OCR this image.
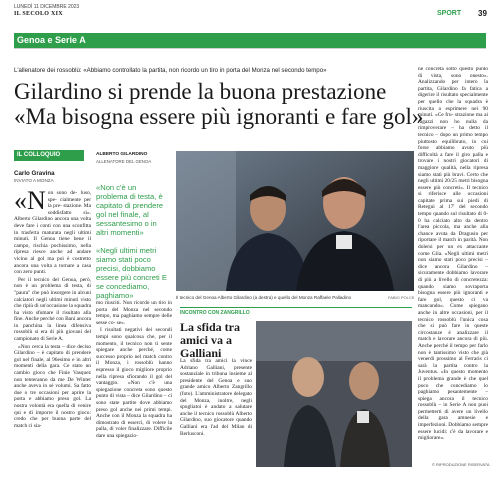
LUNEDÌ 11 DICEMBRE 2023
IL SECOLO XIX	SPORT 39
Genoa e Serie A
L'allenatore dei rossoblù: «Abbiamo controllato la partita, non ricordo un tiro in porta del Monza nel secondo tempo»
Gilardino si prende la buona prestazione
«Ma bisogna essere più ignoranti e fare gol»
IL COLLOQUIO
Carlo Gravina
INVIATO A MONZA

«Non sono de- luso, spe- cialmente per la pre- stazione. Ma soddisfatto sì». Alberto Gilardino ancora una volta deve fare i conti con una sconfitta in trasferta maturata negli ultimi minuti. Il Genoa tiene bene il campo, rischia pochissimo, nella ripresa riesce anche ad andare vicino al gol ma poi è costretto ancora una volta a tornare a casa con zero punti.

Per il tecnico del Genoa, però, non è un problema di testa, di "paura" che può insorgere in alcuni calciatori negli ultimi minuti visto che ripiù di un'occasione la squadra ha visto sfumare il risultato alla fine. Anche perché con Bani ancora in panchina la linea difensiva rossoblù si era di più giovani del campionato di Serie A.

«Non cerca la testa – dice deciso Gilardino – è capitato di prendere gol nel finale, al 96esimo e in altri momenti della gara. Ce stato un cambio gioco che Finie Vasquez non tenteranno da me De Winter anche aveva in sé volumi. Sa fatto due o tre occasioni per aprire la porta e abbiamo preso gol. La nostra volontà era quella di venire qui e di imporre il nostro gioco: credo che per buona parte del match ci sia-

ALBERTO GILARDINO
ALLENATORE DEL GENOA
«Non c'è un problema di testa, è capitato di prendere gol nel finale, al sessantesimo o in altri momenti»
«Negli ultimi metri siamo stati poco precisi, dobbiamo essere più concreti E se concediamo, paghiamo»

mo riusciti. Non ricordo un tiro in porta del Monza nel secondo tempo, ma paghiamo sempre delle sesse co- se».

I risultati negativi dei secondi tempi sono qualcosa che, per il momento, il tecnico non ti sente spiegare anche perché, come successo proprio nel match contro il Monza, i rossoblù hanno espresso il gioco migliore proprio nella ripresa sfiorando il gol del vantaggio. «Non c'è una spiegazione concreta sono questo punto di vista – dice Gilardino – ci sono state partite dove abbiamo preso gol anche nei primi tempi. Anche con il Monza la squadra ha dimostrato di esserci, di volere la palla, di voler finalizzare. Difficile dare una spiegazio-

Il tecnico del Genoa Alberto Gilardino (a destra) e quello del Monza Raffaele Palladino	FABIO POLCE
INCONTRO CON ZANGRILLO
La sfida tra amici va a Galliani
La sfida tra amici la vince Adriano Galliani, presente sostanziale in tribuna insieme al presidente del Genoa e suo grande amico Alberto Zangrillo (foto). L'amministratore delegato del Monza, inoltre, negli spogliatoi è andato a salutare anche il tecnico rossoblù Alberto Gilardino, suo giocatore quando Galliani era l'ad del Milan di Berlusconi.
ne concreta sotto questo punto di vista, sono onesto». Analizzando per intero la partita, Gilardino fa fatica a digerire il risultato specialmente per quello che la squadra è riuscita a esprimere nei 90 minuti. «Ce fru- strazione ma ai ragazzi non ho nulla da rimproverare – ha detto il tecnico – dopo un primo tempo piuttosto equilibrato, in cui forse abbiamo avuto più difficoltà a fare il giro palla e trovare i nostri giocatori di maggiore qualità, nella ripresa siamo stati più bravi. Certo che negli ultimi 20/25 metri bisogna essere più concreti». Il tecnico si riferisce alle occasioni capitate prima sui piedi di Retegui al 17' del secondo tempo quando sul risultato di 0-0 ha calciato alto da dentro l'area piccola, ma anche alla chance avuta da Dragusin per riportare il match in parità. Non dolersi per un ex attaccante come Gila. «Negli ultimi metri non siamo stati poco precisi – dice ancora Gilardino – sicuramente dobbiamo lavorare di più a livello di concretezza: quando siamo sovraporta bisogna essere più ignoranti e fare gol, questo ci va mancando». Come spiegano anche in altre occasioni, per il tecnico rossoblù l'unica cosa che si può fare in queste circostanze è analizzare il match e lavorare ancora di più. Anche perché il tempo per farlo non è tantissimo visto che già venerdì prossimo al Ferraris ci sarà la partita contro la Juventus. «In questo momento il problema grande è che quel poco che concediamo lo paghiamo pesantemente – spiega ancora il tecnico rossoblù – in Serie A non puoi permetterti di avere un livello della gara amnesie e imperfezioni. Dobbiamo sempre essere lucidi: c'è da lavorare e migliorare».
© RIPRODUZIONE RISERVATA
